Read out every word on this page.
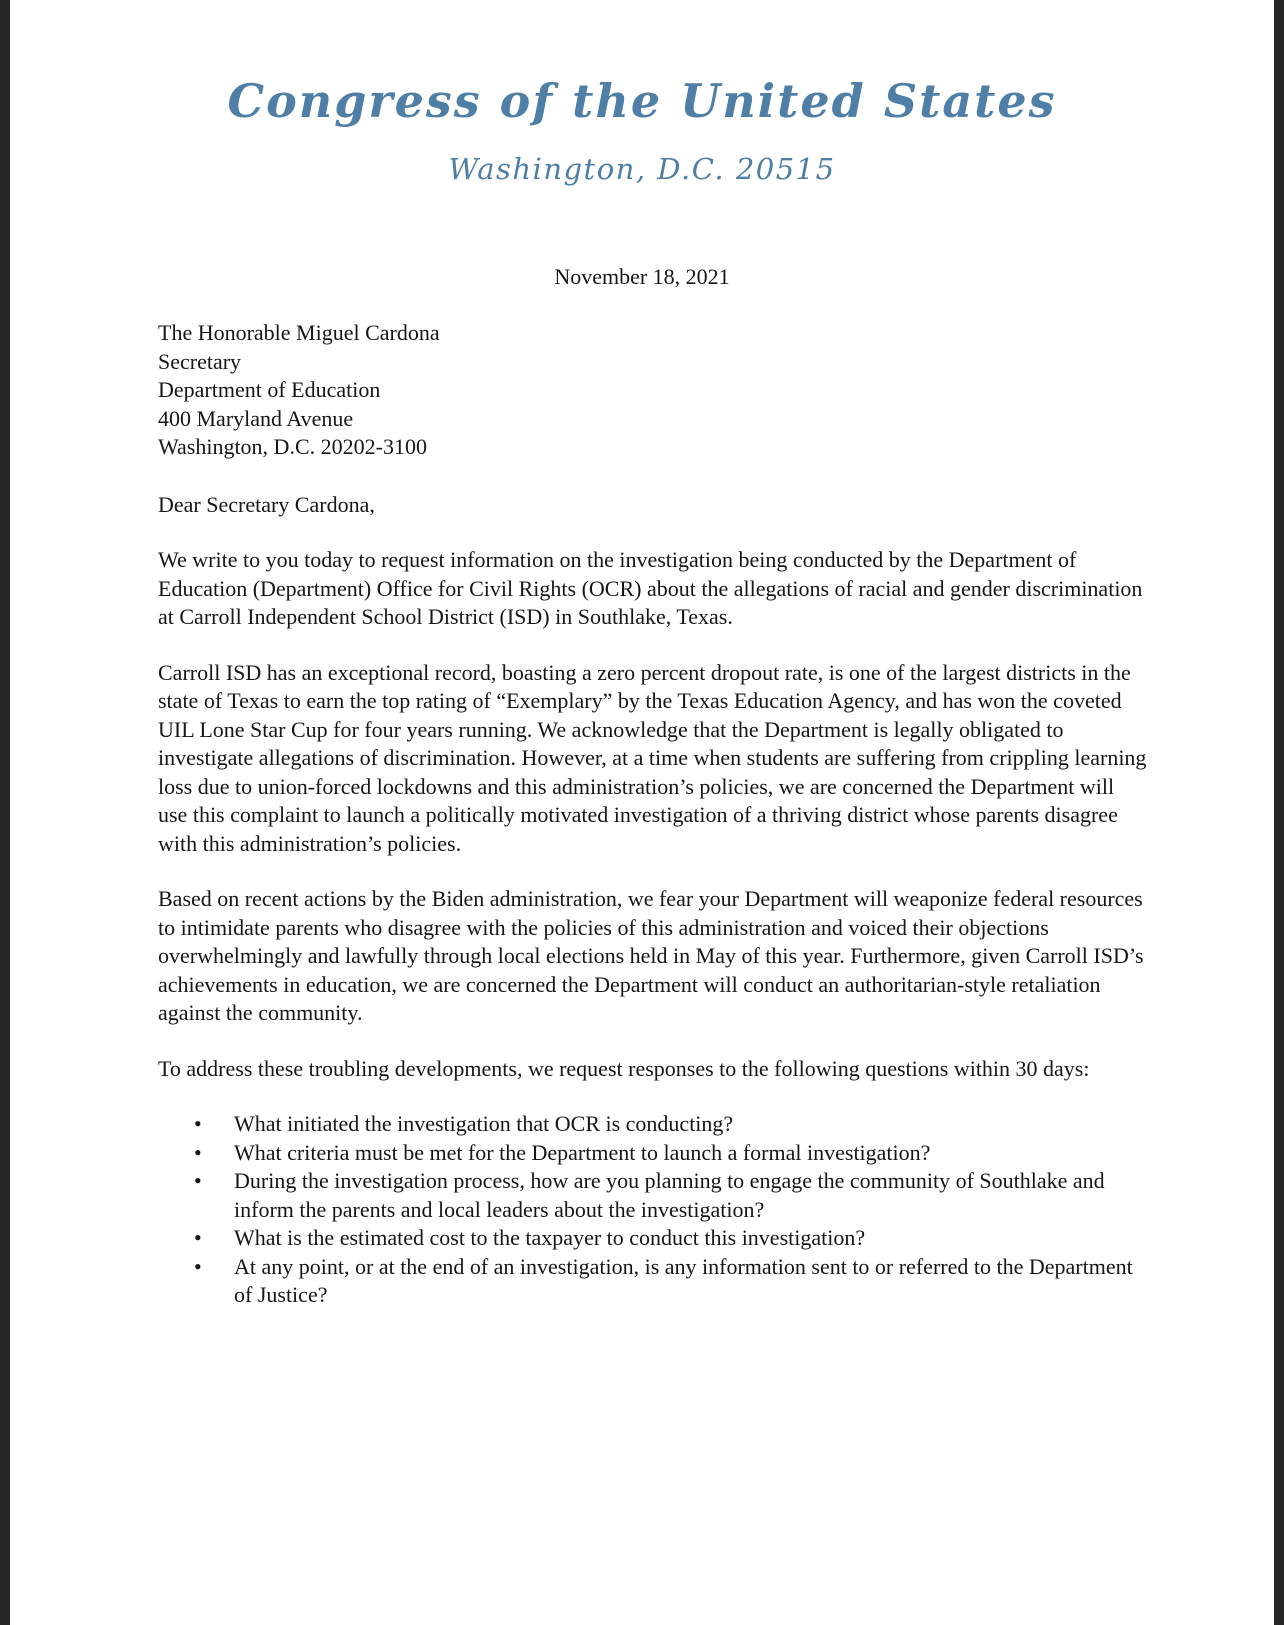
Congress of the United States
Washington, D.C. 20515
November 18, 2021
The Honorable Miguel Cardona
Secretary
Department of Education
400 Maryland Avenue
Washington, D.C. 20202-3100
Dear Secretary Cardona,

We write to you today to request information on the investigation being conducted by the Department of Education (Department) Office for Civil Rights (OCR) about the allegations of racial and gender discrimination at Carroll Independent School District (ISD) in Southlake, Texas.

Carroll ISD has an exceptional record, boasting a zero percent dropout rate, is one of the largest districts in the state of Texas to earn the top rating of “Exemplary” by the Texas Education Agency, and has won the coveted UIL Lone Star Cup for four years running. We acknowledge that the Department is legally obligated to investigate allegations of discrimination. However, at a time when students are suffering from crippling learning loss due to union-forced lockdowns and this administration’s policies, we are concerned the Department will use this complaint to launch a politically motivated investigation of a thriving district whose parents disagree with this administration’s policies.

Based on recent actions by the Biden administration, we fear your Department will weaponize federal resources to intimidate parents who disagree with the policies of this administration and voiced their objections overwhelmingly and lawfully through local elections held in May of this year. Furthermore, given Carroll ISD’s achievements in education, we are concerned the Department will conduct an authoritarian-style retaliation against the community.

To address these troubling developments, we request responses to the following questions within 30 days:

• What initiated the investigation that OCR is conducting?
• What criteria must be met for the Department to launch a formal investigation?
• During the investigation process, how are you planning to engage the community of Southlake and inform the parents and local leaders about the investigation?
• What is the estimated cost to the taxpayer to conduct this investigation?
• At any point, or at the end of an investigation, is any information sent to or referred to the Department of Justice?
